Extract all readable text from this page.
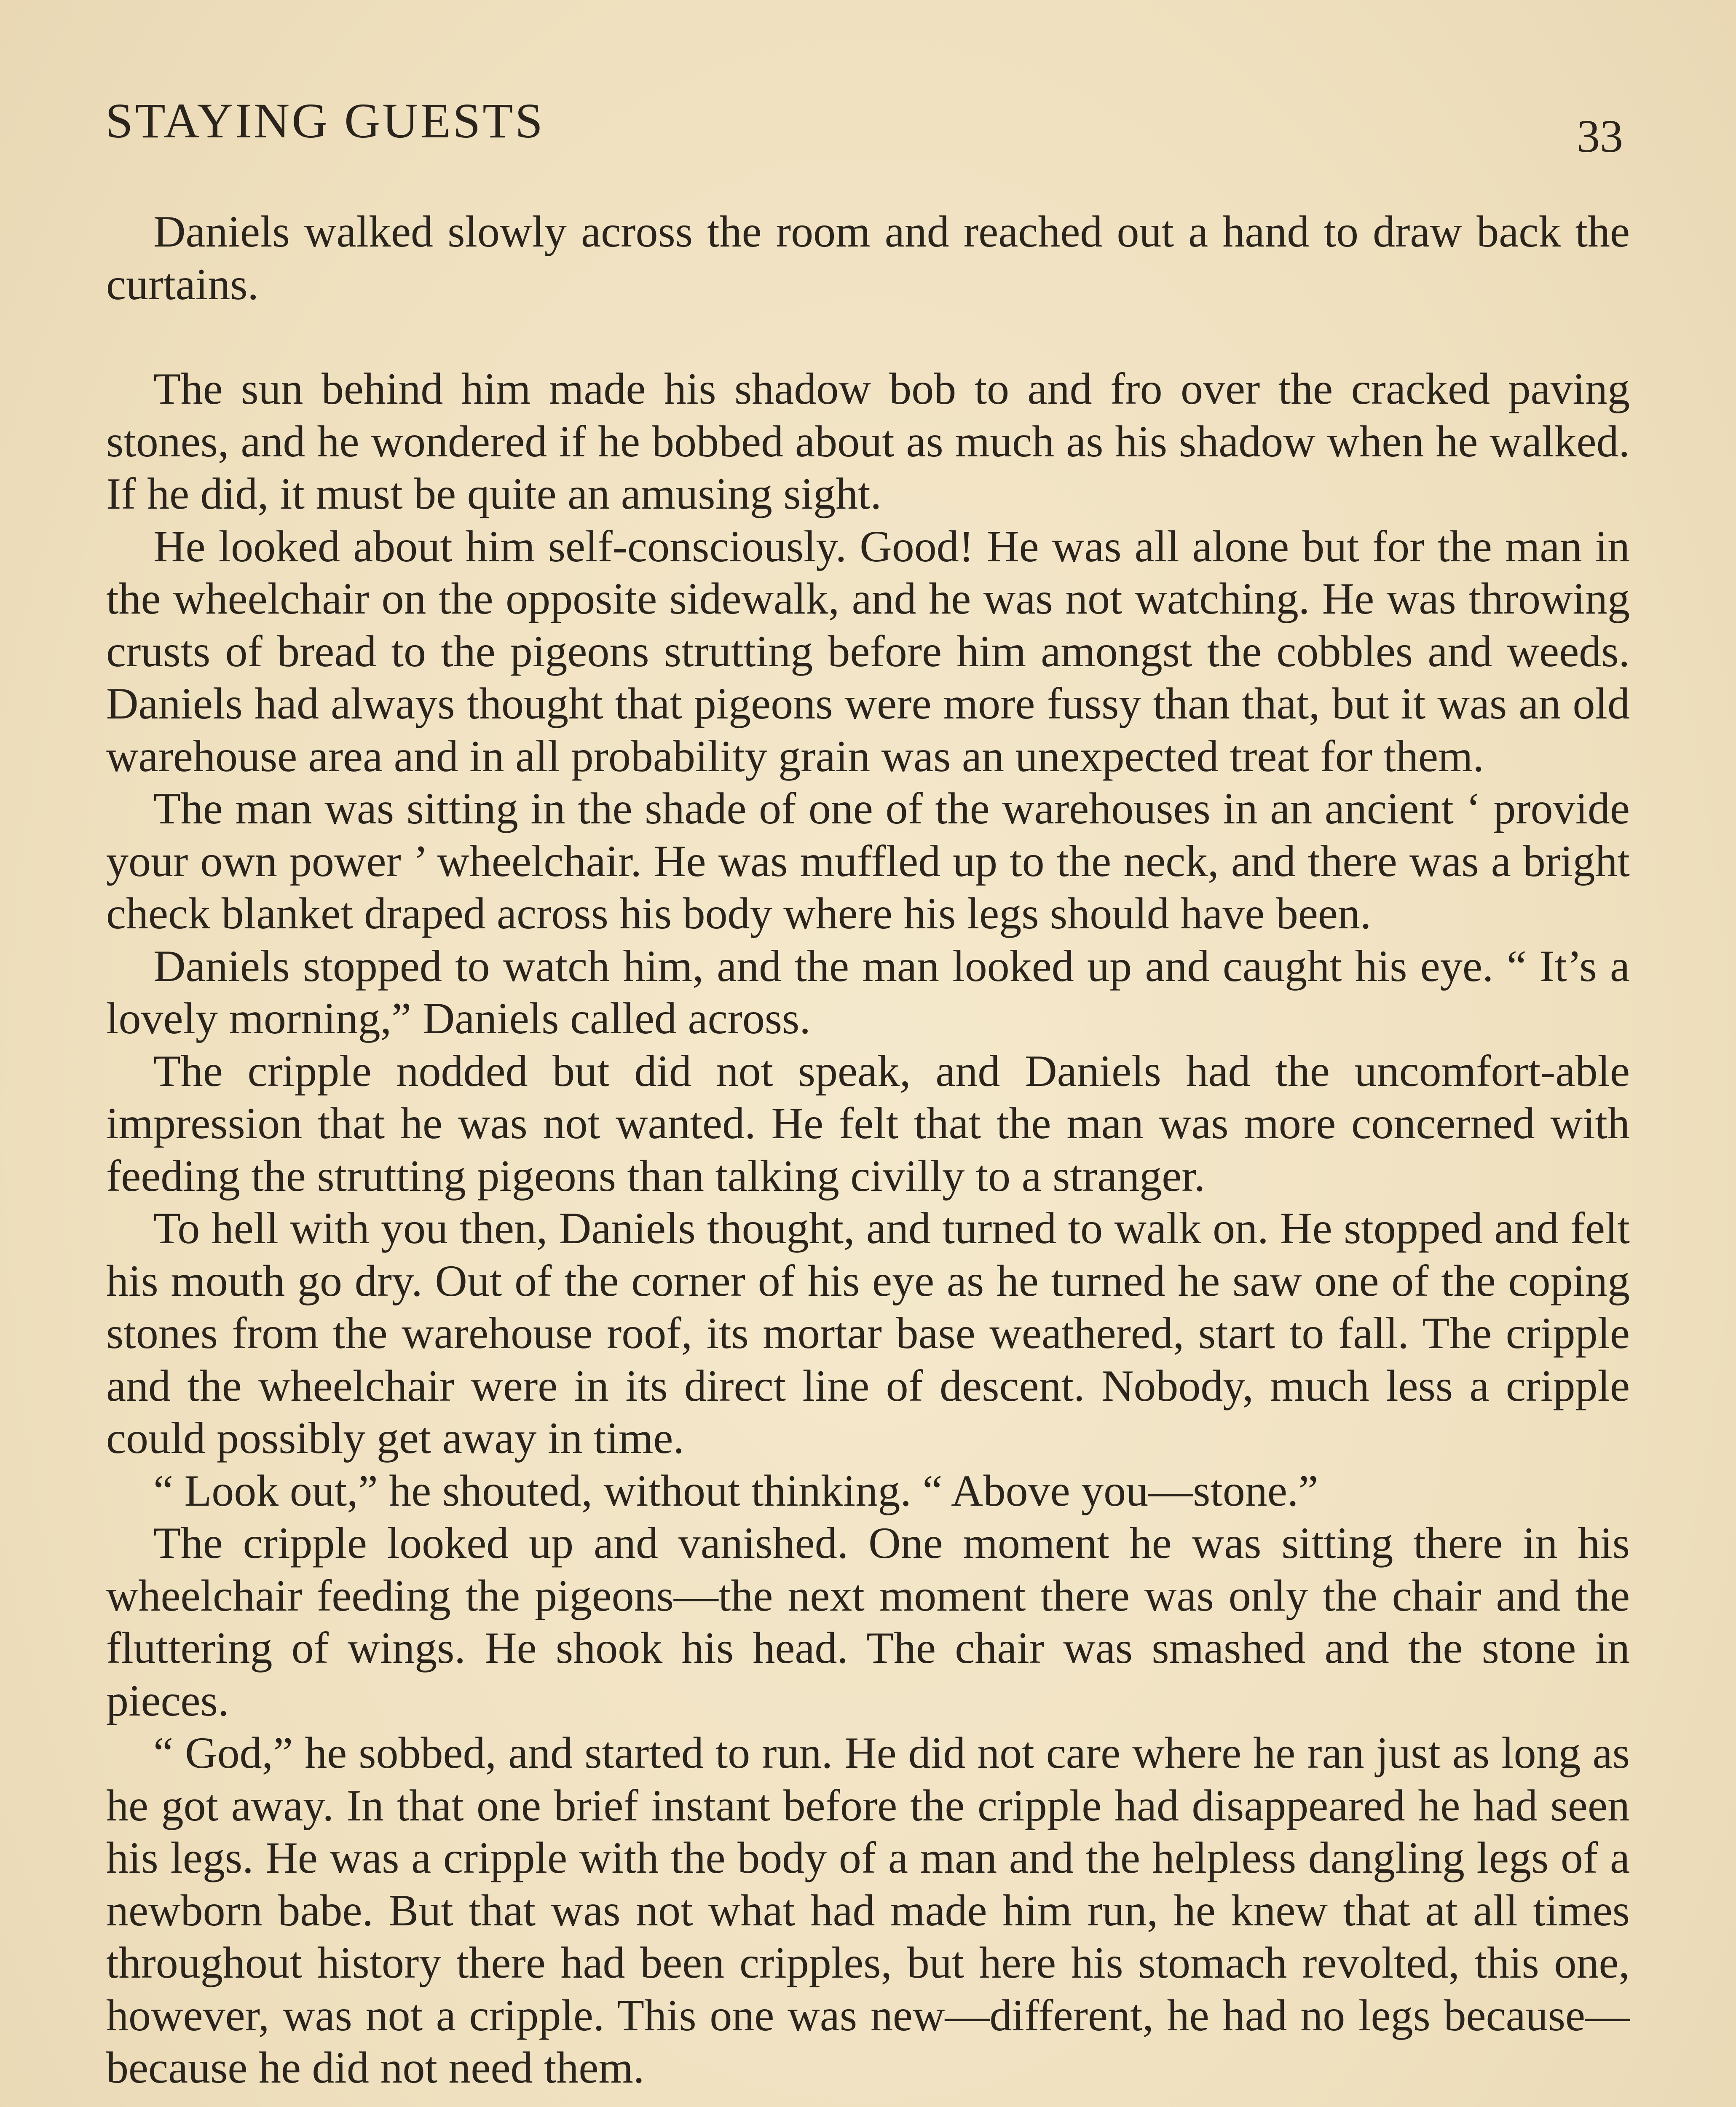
STAYING GUESTS	33

Daniels walked slowly across the room and reached out a hand to draw back the curtains.

The sun behind him made his shadow bob to and fro over the cracked paving stones, and he wondered if he bobbed about as much as his shadow when he walked. If he did, it must be quite an amusing sight.

He looked about him self-consciously. Good! He was all alone but for the man in the wheelchair on the opposite sidewalk, and he was not watching. He was throwing crusts of bread to the pigeons strutting before him amongst the cobbles and weeds. Daniels had always thought that pigeons were more fussy than that, but it was an old warehouse area and in all probability grain was an unexpected treat for them.

The man was sitting in the shade of one of the warehouses in an ancient ‘ provide your own power ’ wheelchair. He was muffled up to the neck, and there was a bright check blanket draped across his body where his legs should have been.

Daniels stopped to watch him, and the man looked up and caught his eye. “ It’s a lovely morning,” Daniels called across.

The cripple nodded but did not speak, and Daniels had the uncomfort-able impression that he was not wanted. He felt that the man was more concerned with feeding the strutting pigeons than talking civilly to a stranger.

To hell with you then, Daniels thought, and turned to walk on. He stopped and felt his mouth go dry. Out of the corner of his eye as he turned he saw one of the coping stones from the warehouse roof, its mortar base weathered, start to fall. The cripple and the wheelchair were in its direct line of descent. Nobody, much less a cripple could possibly get away in time.

“ Look out,” he shouted, without thinking. “ Above you—stone.”

The cripple looked up and vanished. One moment he was sitting there in his wheelchair feeding the pigeons—the next moment there was only the chair and the fluttering of wings. He shook his head. The chair was smashed and the stone in pieces.

“ God,” he sobbed, and started to run. He did not care where he ran just as long as he got away. In that one brief instant before the cripple had disappeared he had seen his legs. He was a cripple with the body of a man and the helpless dangling legs of a newborn babe. But that was not what had made him run, he knew that at all times throughout history there had been cripples, but here his stomach revolted, this one, however, was not a cripple. This one was new—different, he had no legs because—because he did not need them.
